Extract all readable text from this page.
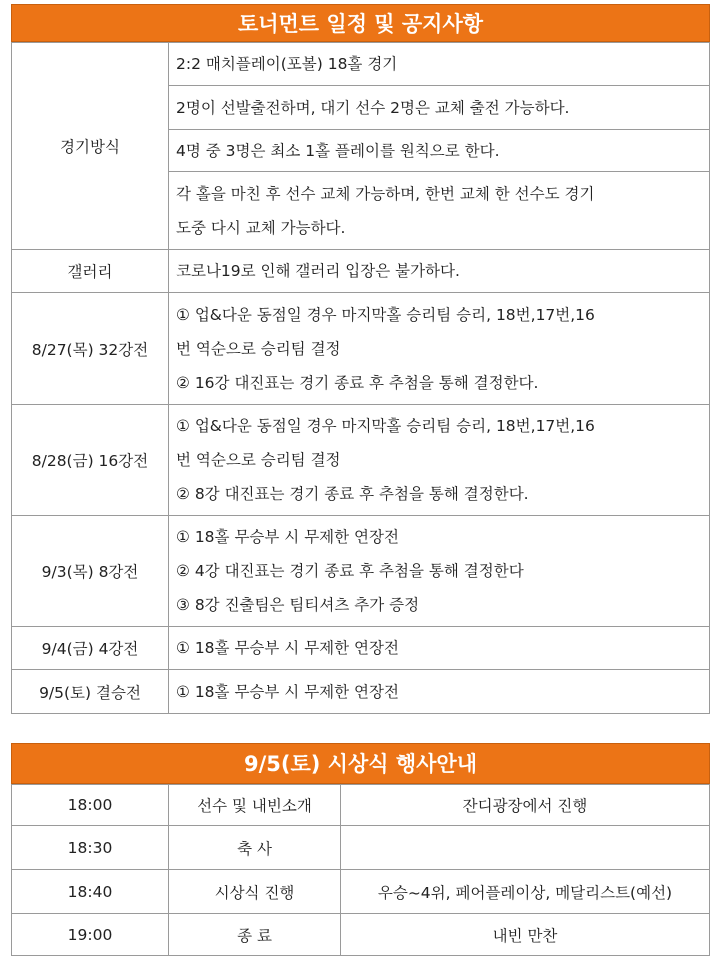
토너먼트 일정 및 공지사항
경기방식	2:2 매치플레이(포볼) 18홀 경기
	2명이 선발출전하며, 대기 선수 2명은 교체 출전 가능하다.
	4명 중 3명은 최소 1홀 플레이를 원칙으로 한다.

	각 홀을 마친 후 선수 교체 가능하며, 한번 교체 한 선수도 경기
도중 다시 교체 가능하다.

갤러리	코로나19로 인해 갤러리 입장은 불가하다.
8/27(목) 32강전	① 업&다운 동점일 경우 마지막홀 승리팀 승리, 18번,17번,16
번 역순으로 승리팀 결정
② 16강 대진표는 경기 종료 후 추첨을 통해 결정한다.

8/28(금) 16강전	① 업&다운 동점일 경우 마지막홀 승리팀 승리, 18번,17번,16
번 역순으로 승리팀 결정
② 8강 대진표는 경기 종료 후 추첨을 통해 결정한다.

9/3(목) 8강전	① 18홀 무승부 시 무제한 연장전
② 4강 대진표는 경기 종료 후 추첨을 통해 결정한다
③ 8강 진출팀은 팀티셔츠 추가 증정

9/4(금) 4강전	① 18홀 무승부 시 무제한 연장전
9/5(토) 결승전	① 18홀 무승부 시 무제한 연장전
9/5(토) 시상식 행사안내
18:00	선수 및 내빈소개	잔디광장에서 진행
18:30	축 사	
18:40	시상식 진행	우승~4위, 페어플레이상, 메달리스트(예선)
19:00	종 료	내빈 만찬
